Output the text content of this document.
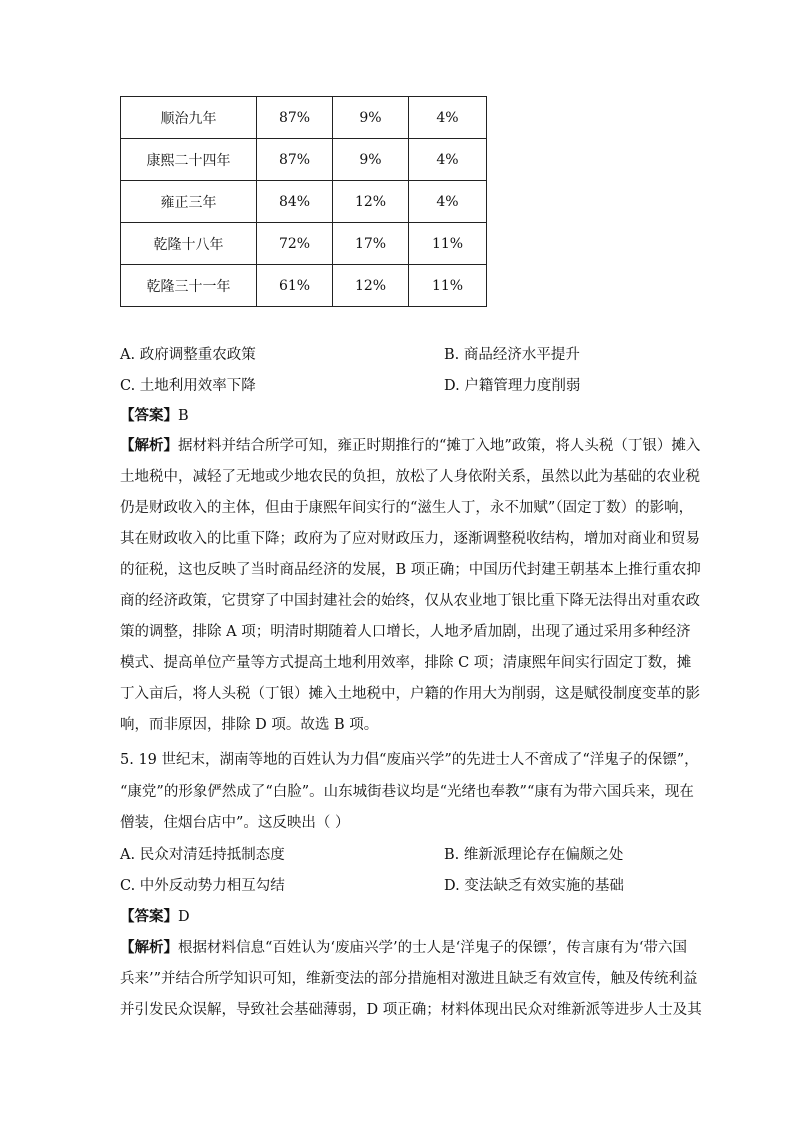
顺治九年	87%	9%	4%
康熙二十四年	87%	9%	4%
雍正三年	84%	12%	4%
乾隆十八年	72%	17%	11%
乾隆三十一年	61%	12%	11%
A. 政府调整重农政策	B. 商品经济水平提升
C. 土地利用效率下降	D. 户籍管理力度削弱
【答案】B
【解析】据材料并结合所学可知，雍正时期推行的“摊丁入地”政策，将人头税（丁银）摊入
土地税中，减轻了无地或少地农民的负担，放松了人身依附关系，虽然以此为基础的农业税
仍是财政收入的主体，但由于康熙年间实行的“滋生人丁，永不加赋”（固定丁数）的影响，
其在财政收入的比重下降；政府为了应对财政压力，逐渐调整税收结构，增加对商业和贸易
的征税，这也反映了当时商品经济的发展，B 项正确；中国历代封建王朝基本上推行重农抑
商的经济政策，它贯穿了中国封建社会的始终，仅从农业地丁银比重下降无法得出对重农政
策的调整，排除 A 项；明清时期随着人口增长，人地矛盾加剧，出现了通过采用多种经济
模式、提高单位产量等方式提高土地利用效率，排除 C 项；清康熙年间实行固定丁数，摊
丁入亩后，将人头税（丁银）摊入土地税中，户籍的作用大为削弱，这是赋役制度变革的影
响，而非原因，排除 D 项。故选 B 项。
5. 19 世纪末，湖南等地的百姓认为力倡“废庙兴学”的先进士人不啻成了“洋鬼子的保镖”，
“康党”的形象俨然成了“白脸”。山东城街巷议均是“光绪也奉教”“康有为带六国兵来，现在
僧装，住烟台店中”。这反映出（ ）
A. 民众对清廷持抵制态度	B. 维新派理论存在偏颇之处
C. 中外反动势力相互勾结	D. 变法缺乏有效实施的基础
【答案】D
【解析】根据材料信息“百姓认为‘废庙兴学’的士人是‘洋鬼子的保镖’，传言康有为‘带六国
兵来’”并结合所学知识可知，维新变法的部分措施相对激进且缺乏有效宣传，触及传统利益
并引发民众误解，导致社会基础薄弱，D 项正确；材料体现出民众对维新派等进步人士及其
